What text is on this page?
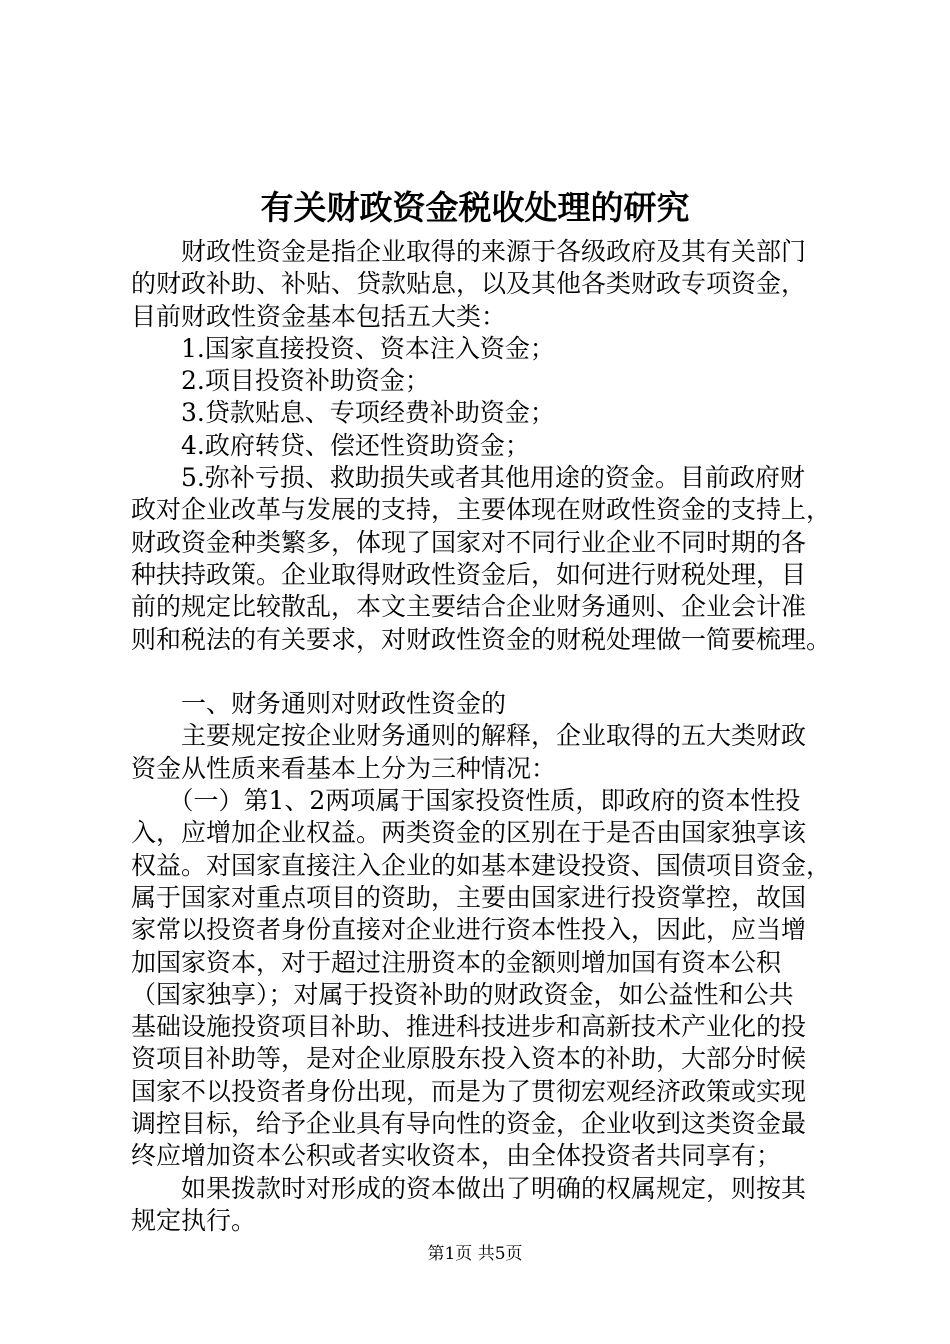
有关财政资金税收处理的研究
　　财政性资金是指企业取得的来源于各级政府及其有关部门
的财政补助、补贴、贷款贴息，以及其他各类财政专项资金，
目前财政性资金基本包括五大类：
　　1.国家直接投资、资本注入资金；
　　2.项目投资补助资金；
　　3.贷款贴息、专项经费补助资金；
　　4.政府转贷、偿还性资助资金；
　　5.弥补亏损、救助损失或者其他用途的资金。目前政府财
政对企业改革与发展的支持，主要体现在财政性资金的支持上，
财政资金种类繁多，体现了国家对不同行业企业不同时期的各
种扶持政策。企业取得财政性资金后，如何进行财税处理，目
前的规定比较散乱，本文主要结合企业财务通则、企业会计准
则和税法的有关要求，对财政性资金的财税处理做一简要梳理。
　　一、财务通则对财政性资金的
　　主要规定按企业财务通则的解释，企业取得的五大类财政
资金从性质来看基本上分为三种情况：
　　（一）第1、2两项属于国家投资性质，即政府的资本性投
入，应增加企业权益。两类资金的区别在于是否由国家独享该
权益。对国家直接注入企业的如基本建设投资、国债项目资金，
属于国家对重点项目的资助，主要由国家进行投资掌控，故国
家常以投资者身份直接对企业进行资本性投入，因此，应当增
加国家资本，对于超过注册资本的金额则增加国有资本公积
（国家独享）；对属于投资补助的财政资金，如公益性和公共
基础设施投资项目补助、推进科技进步和高新技术产业化的投
资项目补助等，是对企业原股东投入资本的补助，大部分时候
国家不以投资者身份出现，而是为了贯彻宏观经济政策或实现
调控目标，给予企业具有导向性的资金，企业收到这类资金最
终应增加资本公积或者实收资本，由全体投资者共同享有；
　　如果拨款时对形成的资本做出了明确的权属规定，则按其
规定执行。
第1页 共5页
